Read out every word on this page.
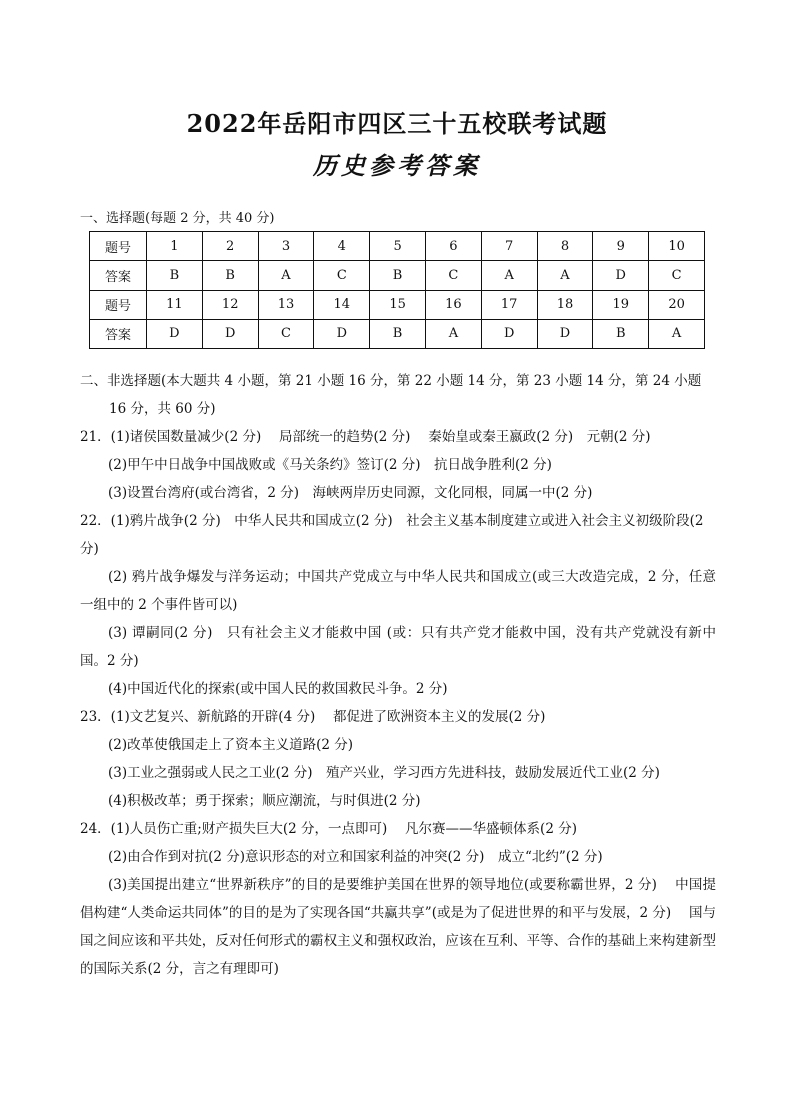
2022年岳阳市四区三十五校联考试题
历史参考答案
一、选择题(每题 2 分，共 40 分)
题号	1	2	3	4	5	6	7	8	9	10
答案	B	B	A	C	B	C	A	A	D	C
题号	11	12	13	14	15	16	17	18	19	20
答案	D	D	C	D	B	A	D	D	B	A

二、非选择题(本大题共 4 小题，第 21 小题 16 分，第 22 小题 14 分，第 23 小题 14 分，第 24 小题 16 分，共 60 分)

21．(1)诸侯国数量减少(2 分)　 局部统一的趋势(2 分)　 秦始皇或秦王嬴政(2 分)　元朝(2 分)

(2)甲午中日战争中国战败或《马关条约》签订(2 分)　抗日战争胜利(2 分)

(3)设置台湾府(或台湾省，2 分)　海峡两岸历史同源，文化同根，同属一中(2 分)

22．(1)鸦片战争(2 分)　中华人民共和国成立(2 分)　社会主义基本制度建立或进入社会主义初级阶段(2 分)

(2) 鸦片战争爆发与洋务运动；中国共产党成立与中华人民共和国成立(或三大改造完成，2 分，任意一组中的 2 个事件皆可以)

(3) 谭嗣同(2 分)　只有社会主义才能救中国 (或：只有共产党才能救中国，没有共产党就没有新中国。2 分)

(4)中国近代化的探索(或中国人民的救国救民斗争。2 分)

23．(1)文艺复兴、新航路的开辟(4 分)　 都促进了欧洲资本主义的发展(2 分)

(2)改革使俄国走上了资本主义道路(2 分)

(3)工业之强弱或人民之工业(2 分)　殖产兴业，学习西方先进科技，鼓励发展近代工业(2 分)

(4)积极改革；勇于探索；顺应潮流，与时俱进(2 分)

24．(1)人员伤亡重;财产损失巨大(2 分，一点即可)　 凡尔赛——华盛顿体系(2 分)

(2)由合作到对抗(2 分)意识形态的对立和国家利益的冲突(2 分)　成立“北约”(2 分)

(3)美国提出建立“世界新秩序”的目的是要维护美国在世界的领导地位(或要称霸世界，2 分)　 中国提倡构建“人类命运共同体”的目的是为了实现各国“共赢共享”(或是为了促进世界的和平与发展，2 分)　 国与国之间应该和平共处，反对任何形式的霸权主义和强权政治，应该在互利、平等、合作的基础上来构建新型的国际关系(2 分，言之有理即可)
